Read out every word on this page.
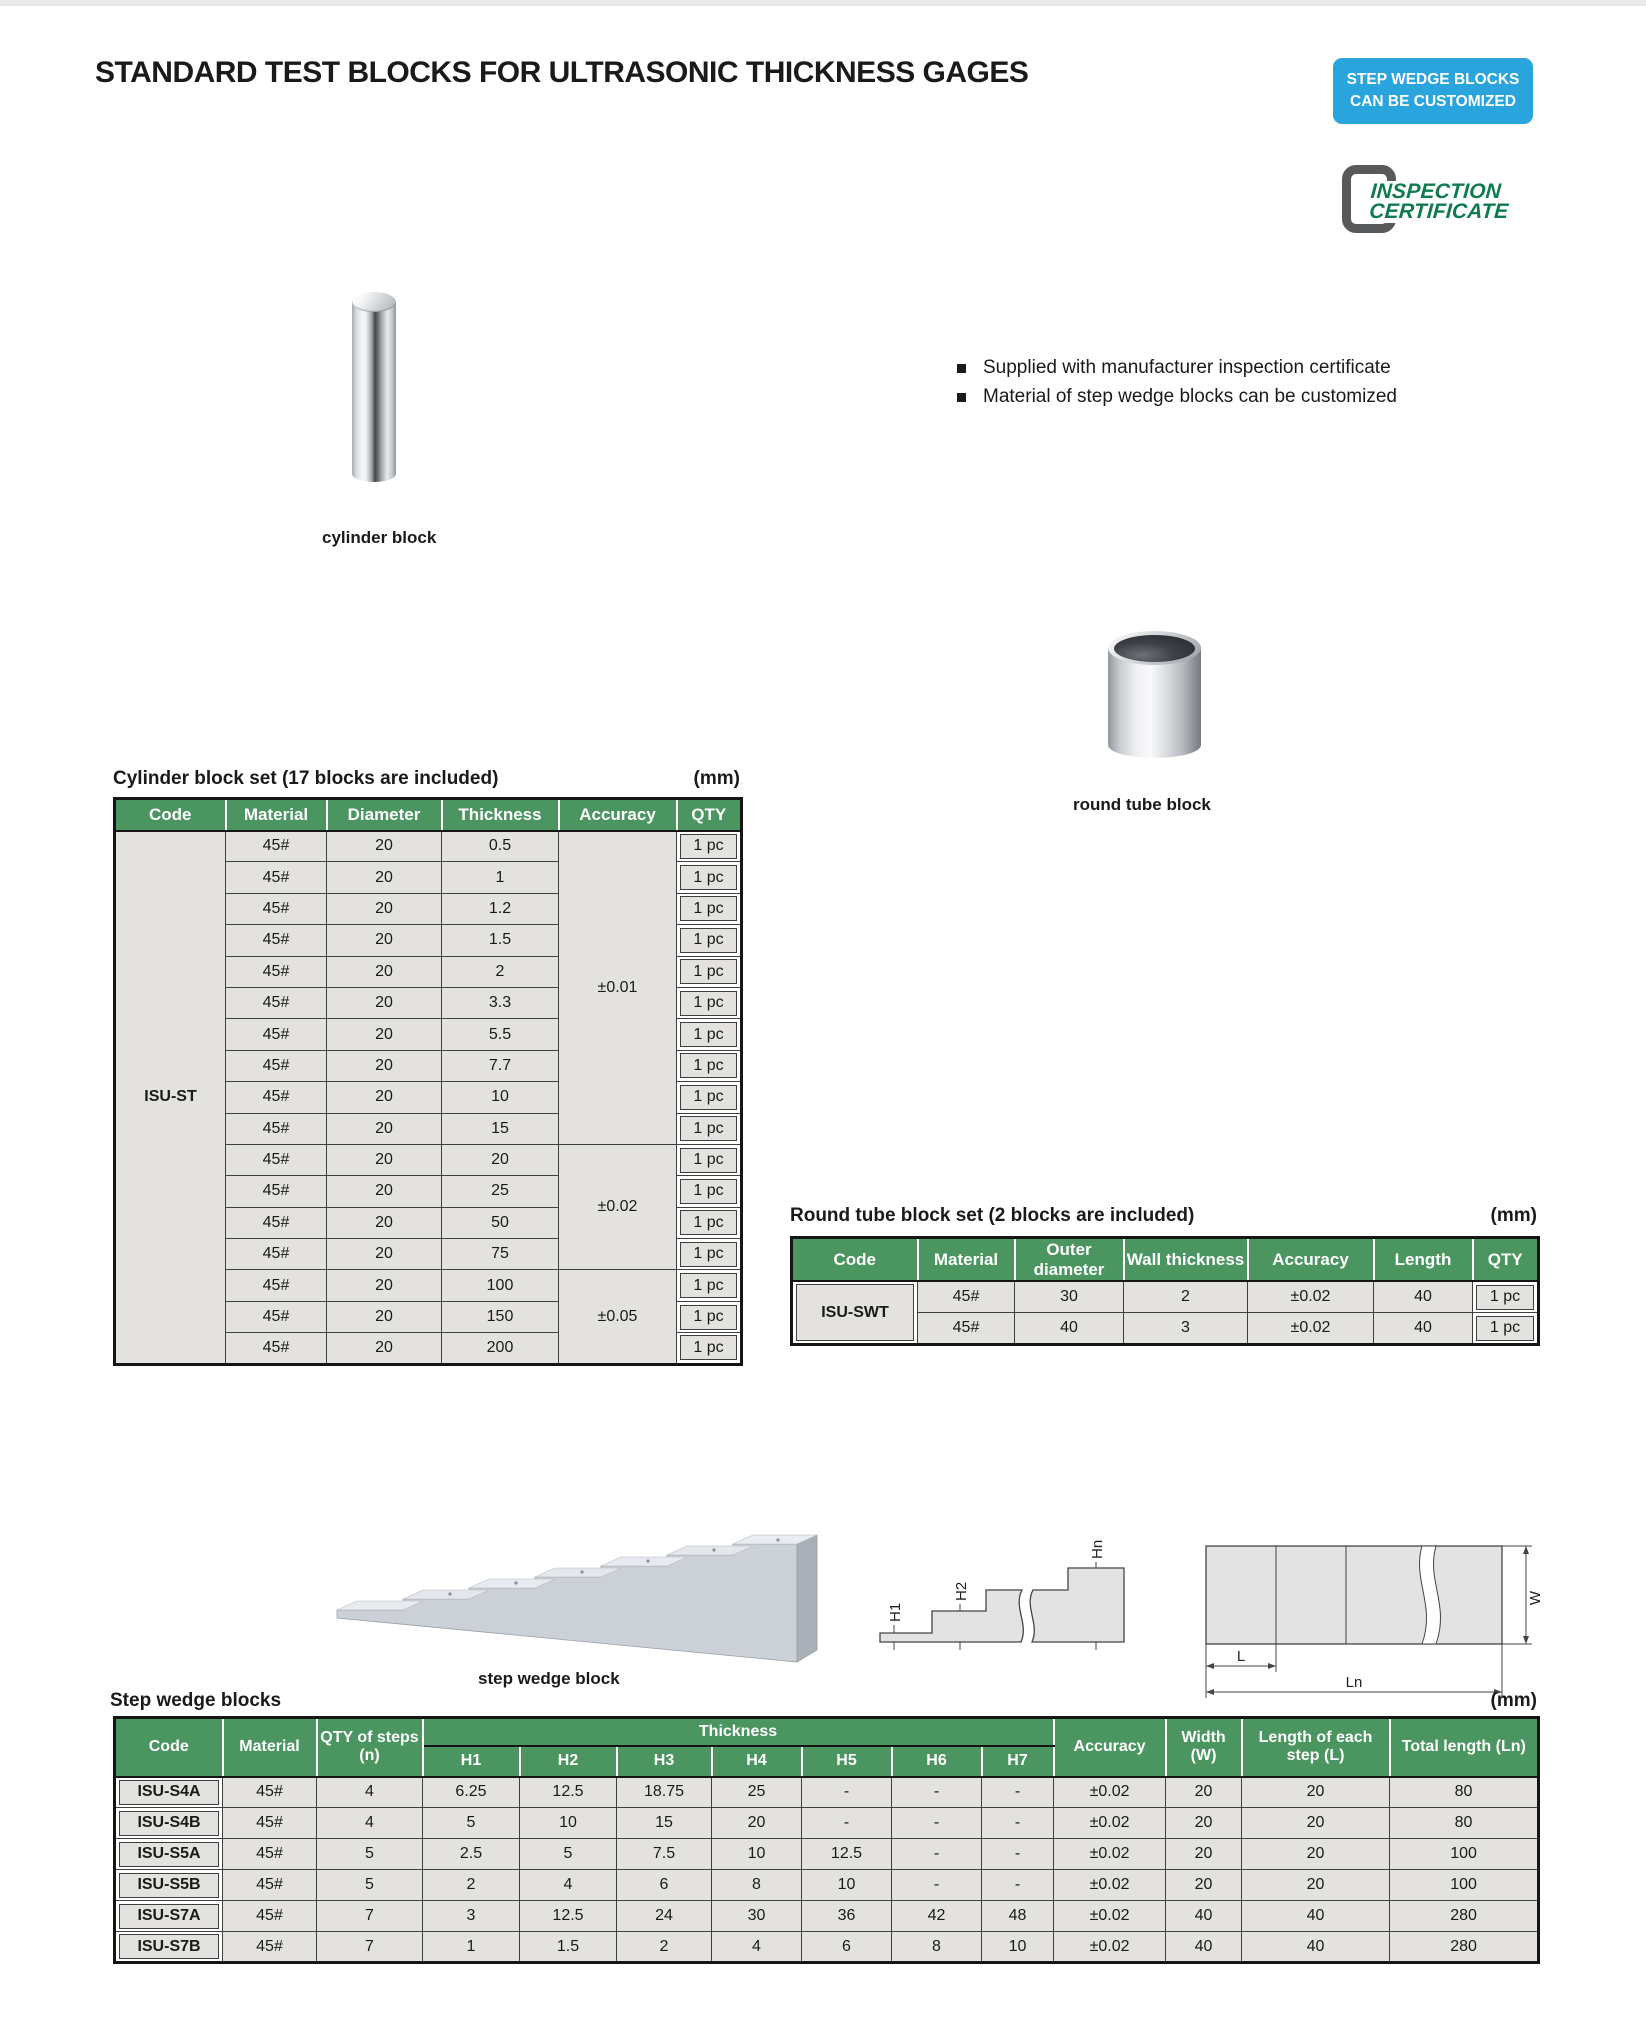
STANDARD TEST BLOCKS FOR ULTRASONIC THICKNESS GAGES	STEP WEDGE BLOCKS
CAN BE CUSTOMIZED
INSPECTION
CERTIFICATE
cylinder block
Supplied with manufacturer inspection certificate
Material of step wedge blocks can be customized
round tube block
Cylinder block set (17 blocks are included)	(mm)
Code	Material	Diameter	Thickness	Accuracy	QTY
ISU-ST	45#	20	0.5	±0.01	1 pc

	45#	20	1		1 pc

	45#	20	1.2		1 pc

	45#	20	1.5		1 pc

	45#	20	2		1 pc

	45#	20	3.3		1 pc

	45#	20	5.5		1 pc

	45#	20	7.7		1 pc

	45#	20	10		1 pc

	45#	20	15		1 pc

	45#	20	20	±0.02	1 pc

	45#	20	25		1 pc

	45#	20	50		1 pc

	45#	20	75		1 pc

	45#	20	100	±0.05	1 pc

	45#	20	150		1 pc

	45#	20	200		1 pc
Round tube block set (2 blocks are included)	(mm)
Code	Material	Outer diameter	Wall thickness	Accuracy	Length	QTY

ISU-SWT	45#	30	2	±0.02	40	1 pc

	45#	40	3	±0.02	40	1 pc
step wedge block
H1
H2
Hn
W
L
Ln
Step wedge blocks	(mm)
Code	Material	QTY of steps (n)	Thickness							Accuracy	Width (W)	Length of each step (L)	Total length (Ln)
			H1	H2	H3	H4	H5	H6	H7				

ISU-S4A	45#	4	6.25	12.5	18.75	25	-	-	-	±0.02	20	20	80

ISU-S4B	45#	4	5	10	15	20	-	-	-	±0.02	20	20	80

ISU-S5A	45#	5	2.5	5	7.5	10	12.5	-	-	±0.02	20	20	100

ISU-S5B	45#	5	2	4	6	8	10	-	-	±0.02	20	20	100

ISU-S7A	45#	7	3	12.5	24	30	36	42	48	±0.02	40	40	280

ISU-S7B	45#	7	1	1.5	2	4	6	8	10	±0.02	40	40	280
